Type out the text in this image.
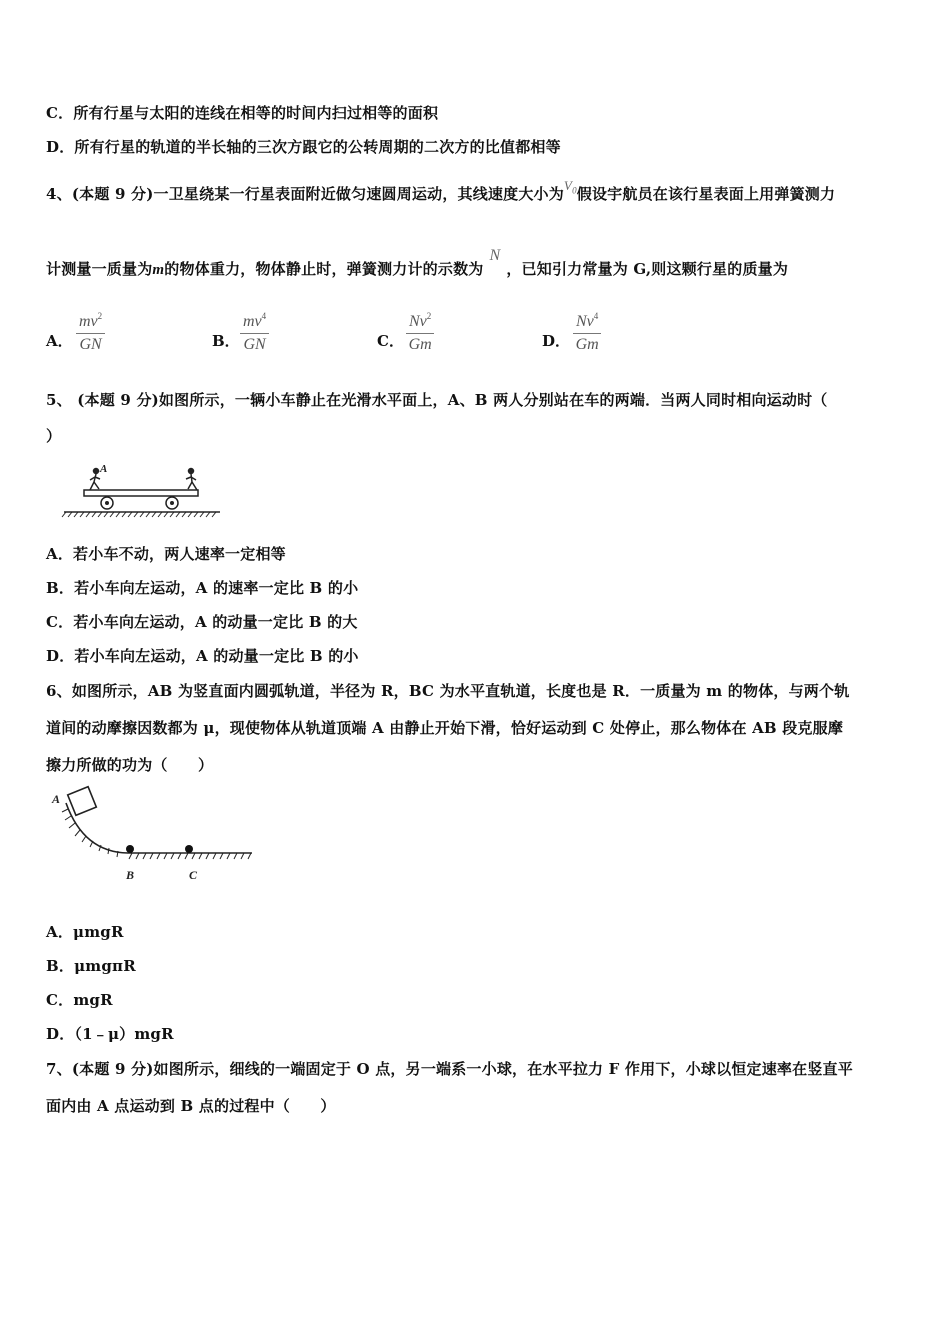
C．所有行星与太阳的连线在相等的时间内扫过相等的面积
D．所有行星的轨道的半长轴的三次方跟它的公转周期的二次方的比值都相等
4、(本题 9 分)一卫星绕某一行星表面附近做匀速圆周运动，其线速度大小为$V_0$假设宇航员在该行星表面上用弹簧测力
计测量一质量为m的物体重力，物体静止时，弹簧测力计的示数为N，已知引力常量为 G,则这颗行星的质量为
A． $\frac{mv^2}{GN}$	B． $\frac{mv^4}{GN}$	C． $\frac{Nv^2}{Gm}$	D． $\frac{Nv^4}{Gm}$
5、 (本题 9 分)如图所示，一辆小车静止在光滑水平面上，A、B 两人分别站在车的两端．当两人同时相向运动时（
）
A
A．若小车不动，两人速率一定相等
B．若小车向左运动，A 的速率一定比 B 的小
C．若小车向左运动，A 的动量一定比 B 的大
D．若小车向左运动，A 的动量一定比 B 的小
6、如图所示，AB 为竖直面内圆弧轨道，半径为 R，BC 为水平直轨道，长度也是 R．一质量为 m 的物体，与两个轨
道间的动摩擦因数都为 μ，现使物体从轨道顶端 A 由静止开始下滑，恰好运动到 C 处停止，那么物体在 AB 段克服摩
擦力所做的功为（　　）
A
B	C
A．μmgR
B．μmgπR
C．mgR
D．（1﹣μ）mgR
7、(本题 9 分)如图所示，细线的一端固定于 O 点，另一端系一小球，在水平拉力 F 作用下，小球以恒定速率在竖直平
面内由 A 点运动到 B 点的过程中（　　）
